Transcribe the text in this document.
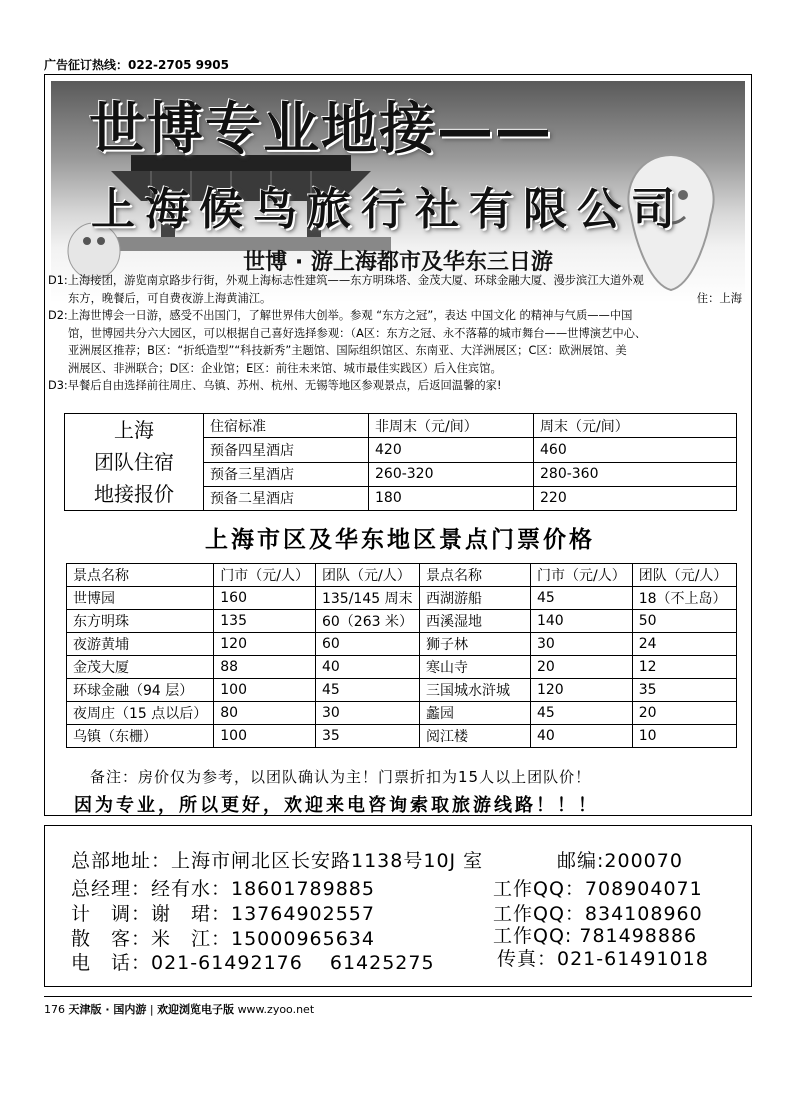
广告征订热线：022-2705 9905
世博专业地接——
上海候鸟旅行社有限公司
世博 · 游上海都市及华东三日游
D1:上海接团，游览南京路步行街，外观上海标志性建筑——东方明珠塔、金茂大厦、环球金融大厦、漫步滨江大道外观
东方，晚餐后，可自费夜游上海黄浦江。	住：上海
D2:上海世博会一日游，感受不出国门，了解世界伟大创举。参观 “东方之冠”，表达 中国文化 的精神与气质——中国
馆，世博园共分六大园区，可以根据自己喜好选择参观：（A区：东方之冠、永不落幕的城市舞台——世博演艺中心、
亚洲展区推荐；B区：“折纸造型”“科技新秀”主题馆、国际组织馆区、东南亚、大洋洲展区；C区：欧洲展馆、美
洲展区、非洲联合；D区：企业馆；E区：前往未来馆、城市最佳实践区）后入住宾馆。
D3:早餐后自由选择前往周庄、乌镇、苏州、杭州、无锡等地区参观景点，后返回温馨的家!
上海
团队住宿
地接报价	住宿标准	非周末（元/间）	周末（元/间）
	预备四星酒店	420	460
	预备三星酒店	260-320	280-360
	预备二星酒店	180	220
上海市区及华东地区景点门票价格
景点名称	门市（元/人）	团队（元/人）	景点名称	门市（元/人）	团队（元/人）
世博园	160	135/145 周末	西湖游船	45	18（不上岛）
东方明珠	135	60（263 米）	西溪湿地	140	50
夜游黄埔	120	60	狮子林	30	24
金茂大厦	88	40	寒山寺	20	12
环球金融（94 层）	100	45	三国城水浒城	120	35
夜周庄（15 点以后）	80	30	蠡园	45	20
乌镇（东栅）	100	35	阅江楼	40	10
备注：房价仅为参考，以团队确认为主！门票折扣为15人以上团队价！
因为专业，所以更好，欢迎来电咨询索取旅游线路！！！
总部地址：上海市闸北区长安路1138号10J 室	邮编:200070
总经理：经有水：18601789885	工作QQ：708904071
计　调：谢　珺：13764902557	工作QQ：834108960
散　客：米　江：15000965634	工作QQ: 781498886
电　话：021-61492176　 61425275	传真：021-61491018
176 天津版 · 国内游 | 欢迎浏览电子版 www.zyoo.net
